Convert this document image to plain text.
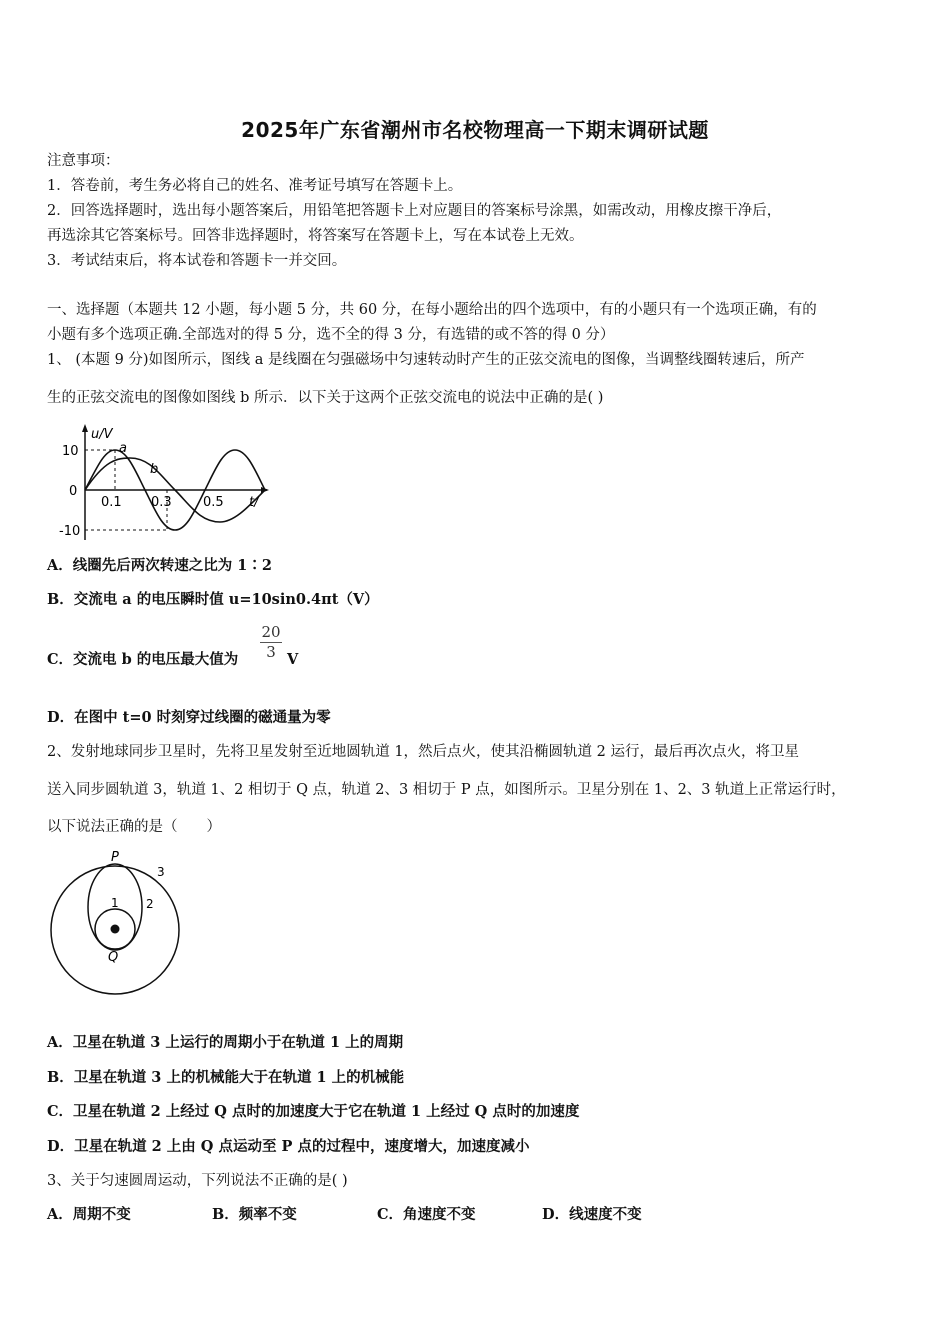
2025年广东省潮州市名校物理高一下期末调研试题
注意事项：
1．答卷前，考生务必将自己的姓名、准考证号填写在答题卡上。
2．回答选择题时，选出每小题答案后，用铅笔把答题卡上对应题目的答案标号涂黑，如需改动，用橡皮擦干净后，
再选涂其它答案标号。回答非选择题时，将答案写在答题卡上，写在本试卷上无效。
3．考试结束后，将本试卷和答题卡一并交回。
一、选择题（本题共 12 小题，每小题 5 分，共 60 分，在每小题给出的四个选项中，有的小题只有一个选项正确，有的
小题有多个选项正确.全部选对的得 5 分，选不全的得 3 分，有选错的或不答的得 0 分）
1、 (本题 9 分)如图所示，图线 a 是线圈在匀强磁场中匀速转动时产生的正弦交流电的图像，当调整线圈转速后，所产
生的正弦交流电的图像如图线 b 所示．以下关于这两个正弦交流电的说法中正确的是( )
u/V
a
b
t/
10
0
-10
0.1 0.3 0.5
A．线圈先后两次转速之比为 1∶2
B．交流电 a 的电压瞬时值 u=10sin0.4πt（V）
C．交流电 b 的电压最大值为
20
3 V
D．在图中 t=0 时刻穿过线圈的磁通量为零
2、发射地球同步卫星时，先将卫星发射至近地圆轨道 1，然后点火，使其沿椭圆轨道 2 运行，最后再次点火，将卫星
送入同步圆轨道 3，轨道 1、2 相切于 Q 点，轨道 2、3 相切于 P 点，如图所示。卫星分别在 1、2、3 轨道上正常运行时，
以下说法正确的是（　　）
P
Q
1 2
3
A．卫星在轨道 3 上运行的周期小于在轨道 1 上的周期
B．卫星在轨道 3 上的机械能大于在轨道 1 上的机械能
C．卫星在轨道 2 上经过 Q 点时的加速度大于它在轨道 1 上经过 Q 点时的加速度
D．卫星在轨道 2 上由 Q 点运动至 P 点的过程中，速度增大，加速度减小
3、关于匀速圆周运动，下列说法不正确的是( )
A．周期不变	B．频率不变	C．角速度不变	D．线速度不变
